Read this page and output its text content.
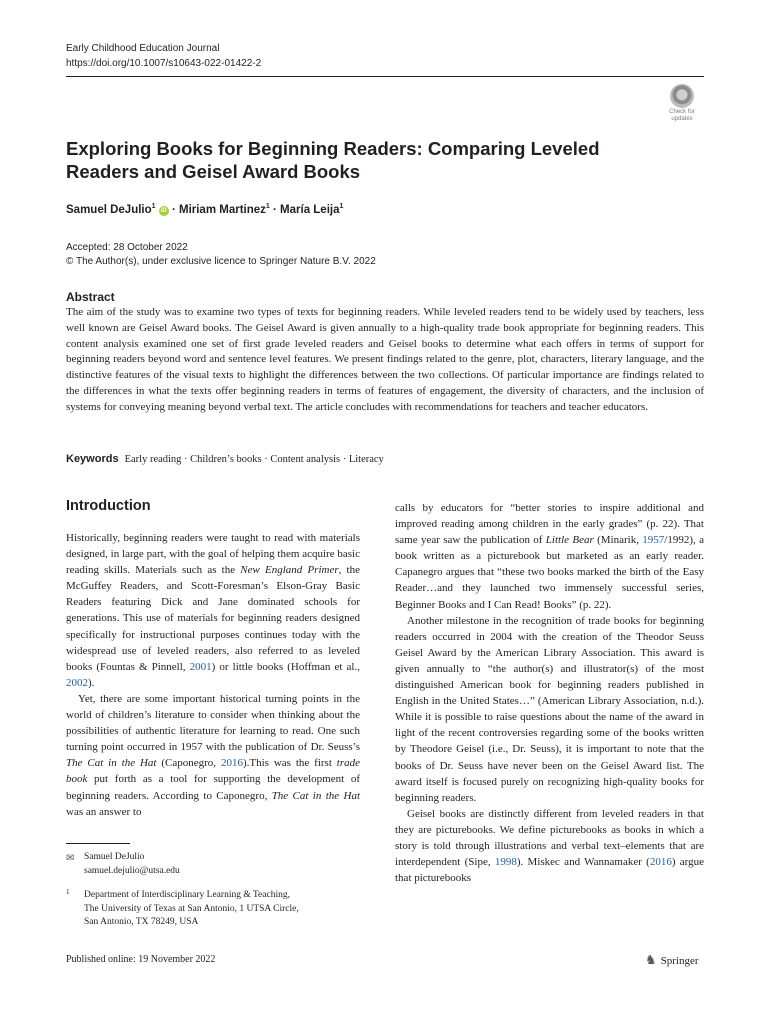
Early Childhood Education Journal
https://doi.org/10.1007/s10643-022-01422-2
Check for
updates
Exploring Books for Beginning Readers: Comparing Leveled Readers and Geisel Award Books
Samuel DeJulio$^1$ iD · Miriam Martinez$^1$ · María Leija$^1$
Accepted: 28 October 2022
© The Author(s), under exclusive licence to Springer Nature B.V. 2022
Abstract
The aim of the study was to examine two types of texts for beginning readers. While leveled readers tend to be widely used by teachers, less well known are Geisel Award books. The Geisel Award is given annually to a high-quality trade book appropriate for beginning readers. This content analysis examined one set of first grade leveled readers and Geisel books to determine what each offers in terms of support for beginning readers beyond word and sentence level features. We present findings related to the genre, plot, characters, literary language, and the distinctive features of the visual texts to highlight the differences between the two collections. Of particular importance are findings related to the differences in what the texts offer beginning readers in terms of features of engagement, the diversity of characters, and the inclusion of systems for conveying meaning beyond verbal text. The article concludes with recommendations for teachers and teacher educators.
Keywords Early reading · Children’s books · Content analysis · Literacy
Introduction

Historically, beginning readers were taught to read with materials designed, in large part, with the goal of helping them acquire basic reading skills. Materials such as the New England Primer, the McGuffey Readers, and Scott-Foresman’s Elson-Gray Basic Readers featuring Dick and Jane dominated schools for generations. This use of materials for beginning readers designed specifically for instructional purposes continues today with the widespread use of leveled readers, also referred to as leveled books (Fountas & Pinnell, 2001) or little books (Hoffman et al., 2002).

Yet, there are some important historical turning points in the world of children’s literature to consider when thinking about the possibilities of authentic literature for learning to read. One such turning point occurred in 1957 with the publication of Dr. Seuss’s The Cat in the Hat (Caponegro, 2016).This was the first trade book put forth as a tool for supporting the development of beginning readers. According to Caponegro, The Cat in the Hat was an answer to

calls by educators for “better stories to inspire additional and improved reading among children in the early grades” (p. 22). That same year saw the publication of Little Bear (Minarik, 1957/1992), a book written as a picturebook but marketed as an early reader. Capanegro argues that “these two books marked the birth of the Easy Reader…and they launched two immensely successful series, Beginner Books and I Can Read! Books” (p. 22).

Another milestone in the recognition of trade books for beginning readers occurred in 2004 with the creation of the Theodor Seuss Geisel Award by the American Library Association. This award is given annually to “the author(s) and illustrator(s) of the most distinguished American book for beginning readers published in English in the United States…” (American Library Association, n.d.). While it is possible to raise questions about the name of the award in light of the recent controversies regarding some of the books written by Theodore Geisel (i.e., Dr. Seuss), it is important to note that the books of Dr. Seuss have never been on the Geisel Award list. The award itself is focused purely on recognizing high-quality books for beginning readers.

Geisel books are distinctly different from leveled readers in that they are picturebooks. We define picturebooks as books in which a story is told through illustrations and verbal text–elements that are interdependent (Sipe, 1998). Miskec and Wannamaker (2016) argue that picturebooks

✉ Samuel DeJulio
samuel.dejulio@utsa.edu
1 Department of Interdisciplinary Learning & Teaching,
The University of Texas at San Antonio, 1 UTSA Circle,
San Antonio, TX 78249, USA
Published online: 19 November 2022	♞ Springer
